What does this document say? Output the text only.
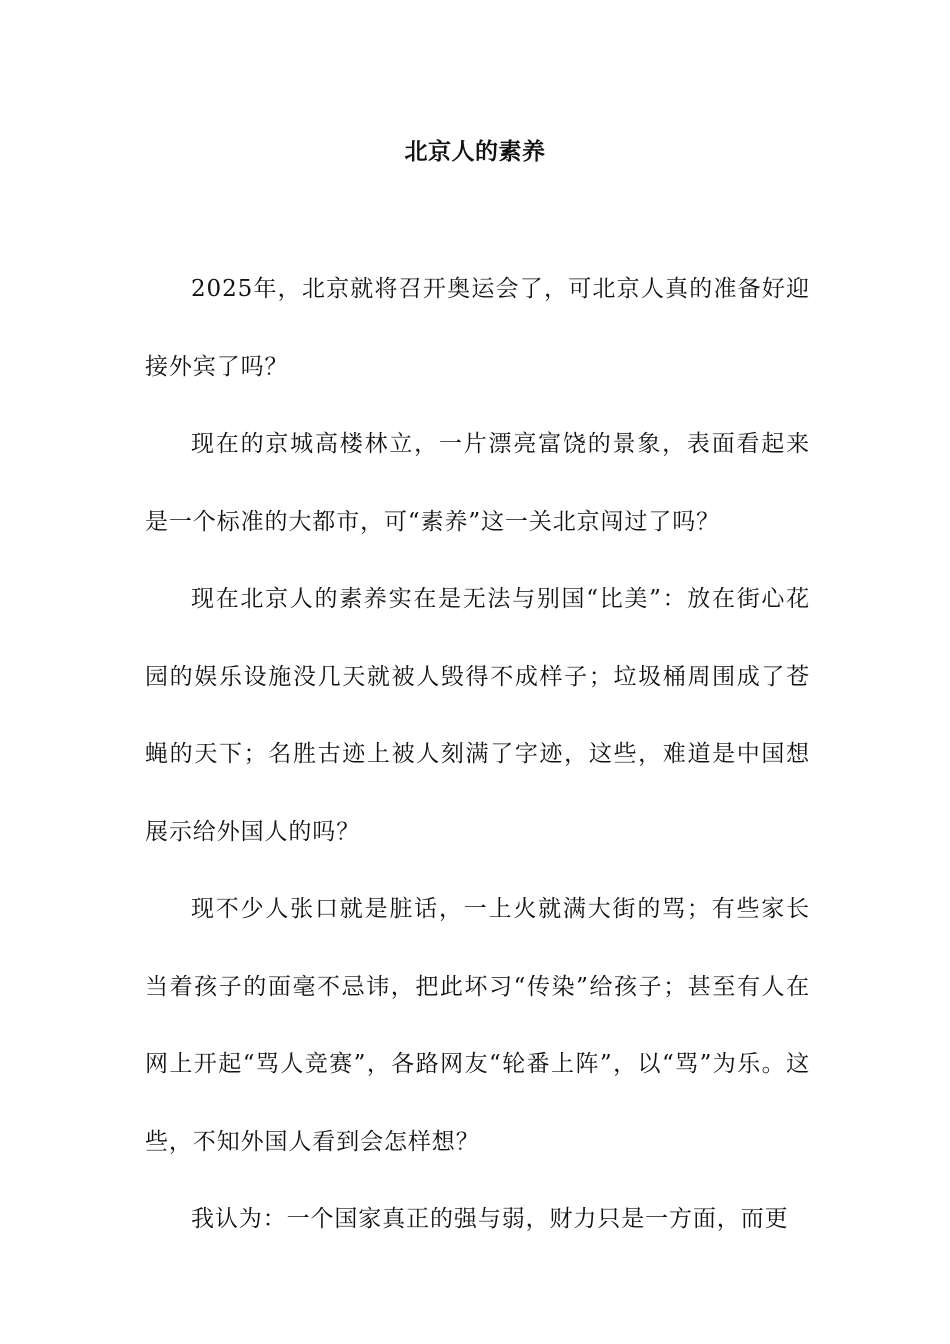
北京人的素养

2025年，北京就将召开奥运会了，可北京人真的准备好迎接外宾了吗？

现在的京城高楼林立，一片漂亮富饶的景象，表面看起来是一个标准的大都市，可“素养”这一关北京闯过了吗？

现在北京人的素养实在是无法与别国“比美”：放在街心花园的娱乐设施没几天就被人毁得不成样子；垃圾桶周围成了苍蝇的天下；名胜古迹上被人刻满了字迹，这些，难道是中国想展示给外国人的吗？

现不少人张口就是脏话，一上火就满大街的骂；有些家长当着孩子的面毫不忌讳，把此坏习“传染”给孩子；甚至有人在网上开起“骂人竞赛”，各路网友“轮番上阵”，以“骂”为乐。这些，不知外国人看到会怎样想？

我认为：一个国家真正的强与弱，财力只是一方面，而更
